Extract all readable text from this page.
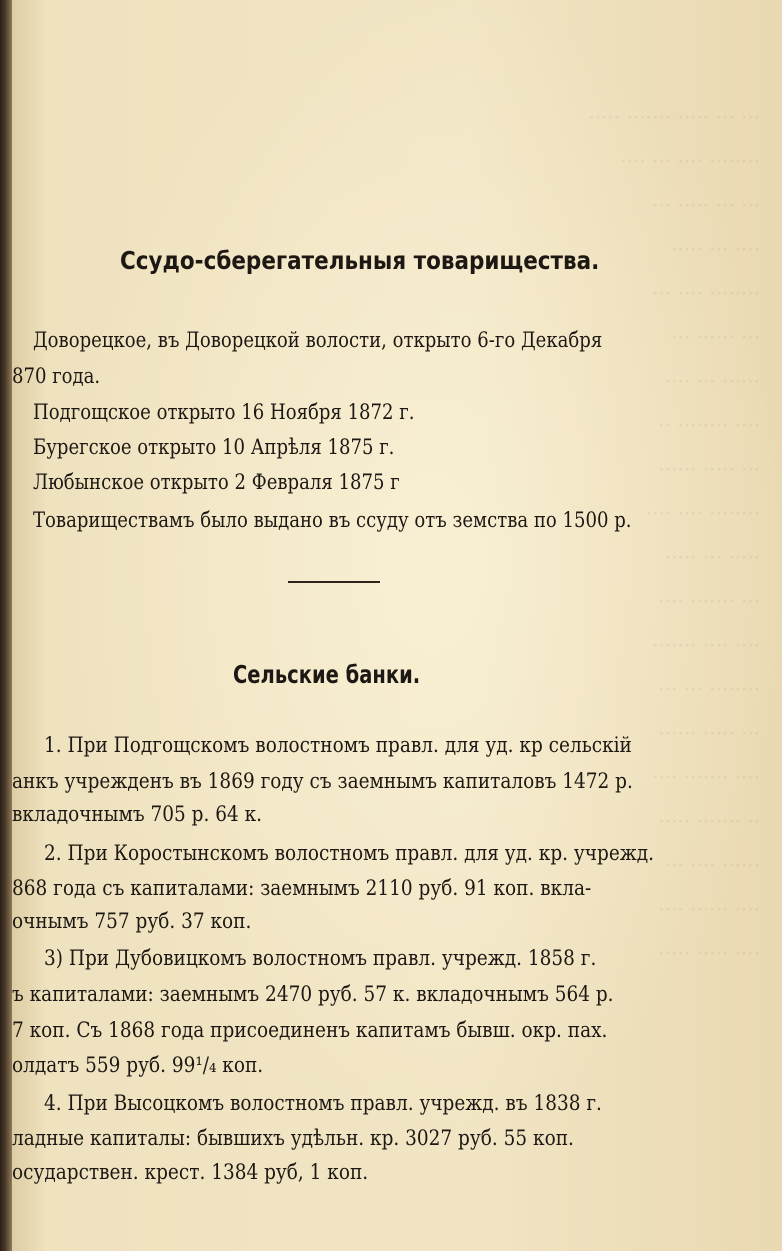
··· ··· ····· ······· ·····
········ ···· ··· ····
··· ··· ····· ···
···· ··· ·····
········ ···· ···
··· ······ ···
······ ··· ····
···· ········ ··
··· ····· ······
········ ···· ····
····· ··· ·····
··· ······· ····
···· ···· ·······
········ ··· ···
··· ····· ······
···· ······· ····
·· ······· ·····
······ ···· ···
···· ······ ····
···· ····· ·····
Ссудо-сберегательныя товарищества.
Доворецкое, въ Доворецкой волости, открыто 6-го Декабря
870 года.
Подгощское открыто 16 Ноября 1872 г.
Бурегское открыто 10 Апрѣля 1875 г.
Любынское открыто 2 Февраля 1875 г
Товариществамъ было выдано въ ссуду отъ земства по 1500 р.
Сельские банки.
1. При Подгощскомъ волостномъ правл. для уд. кр сельскій
анкъ учрежденъ въ 1869 году съ заемнымъ капиталовъ 1472 р.
вкладочнымъ 705 р. 64 к.
2. При Коростынскомъ волостномъ правл. для уд. кр. учрежд.
868 года съ капиталами: заемнымъ 2110 руб. 91 коп. вкла-
очнымъ 757 руб. 37 коп.
3) При Дубовицкомъ волостномъ правл. учрежд. 1858 г.
ъ капиталами: заемнымъ 2470 руб. 57 к. вкладочнымъ 564 р.
7 коп. Съ 1868 года присоединенъ капитамъ бывш. окр. пах.
олдатъ 559 руб. 99¹/₄ коп.
4. При Высоцкомъ волостномъ правл. учрежд. въ 1838 г.
ладные капиталы: бывшихъ удѣльн. кр. 3027 руб. 55 коп.
осударствен. крест. 1384 руб, 1 коп.
